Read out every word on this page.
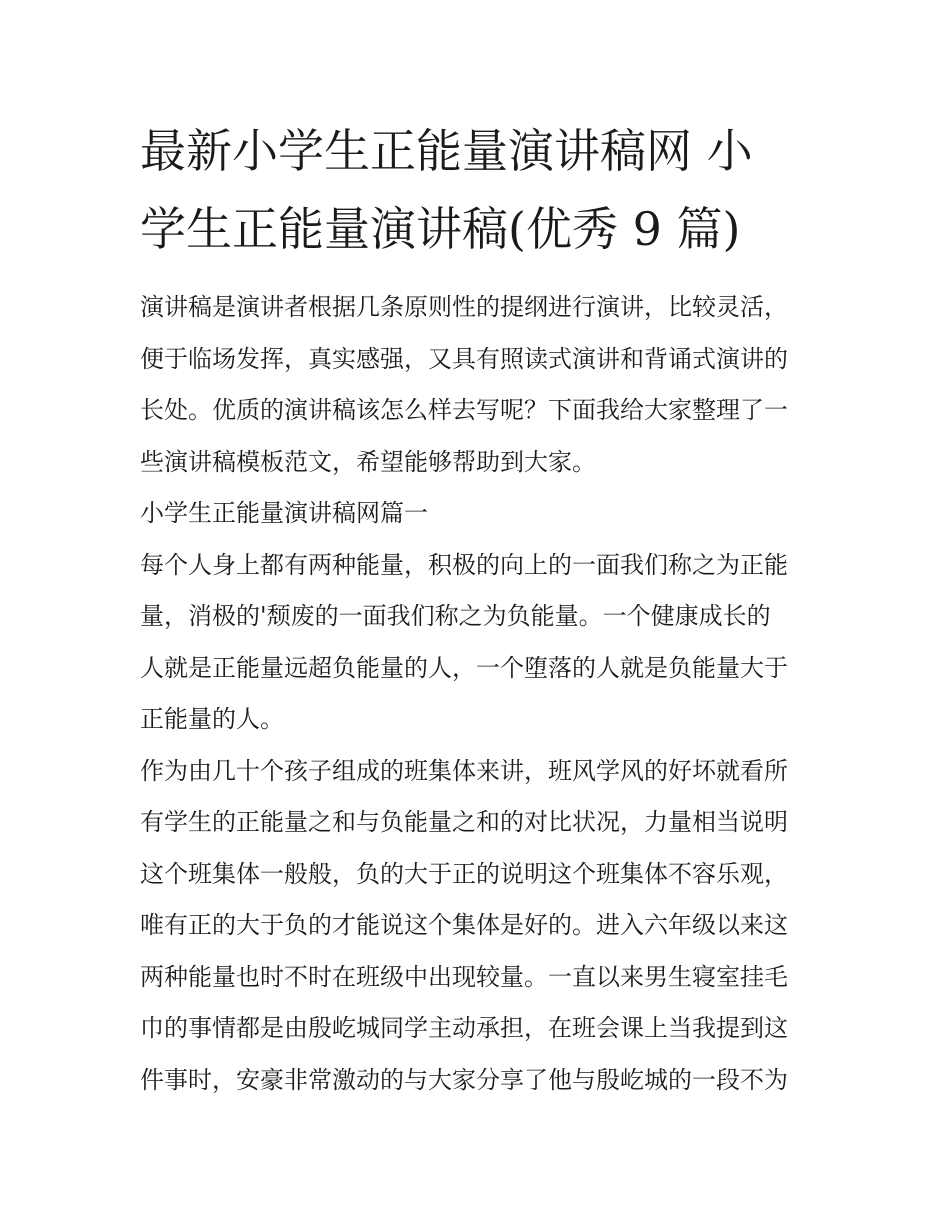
最新小学生正能量演讲稿网 小
学生正能量演讲稿(优秀 9 篇)

演讲稿是演讲者根据几条原则性的提纲进行演讲，比较灵活，
便于临场发挥，真实感强，又具有照读式演讲和背诵式演讲的
长处。优质的演讲稿该怎么样去写呢？下面我给大家整理了一
些演讲稿模板范文，希望能够帮助到大家。

小学生正能量演讲稿网篇一

每个人身上都有两种能量，积极的向上的一面我们称之为正能
量，消极的'颓废的一面我们称之为负能量。一个健康成长的
人就是正能量远超负能量的人，一个堕落的人就是负能量大于
正能量的人。

作为由几十个孩子组成的班集体来讲，班风学风的好坏就看所
有学生的正能量之和与负能量之和的对比状况，力量相当说明
这个班集体一般般，负的大于正的说明这个班集体不容乐观，
唯有正的大于负的才能说这个集体是好的。进入六年级以来这
两种能量也时不时在班级中出现较量。一直以来男生寝室挂毛
巾的事情都是由殷屹城同学主动承担，在班会课上当我提到这
件事时，安豪非常激动的与大家分享了他与殷屹城的一段不为
